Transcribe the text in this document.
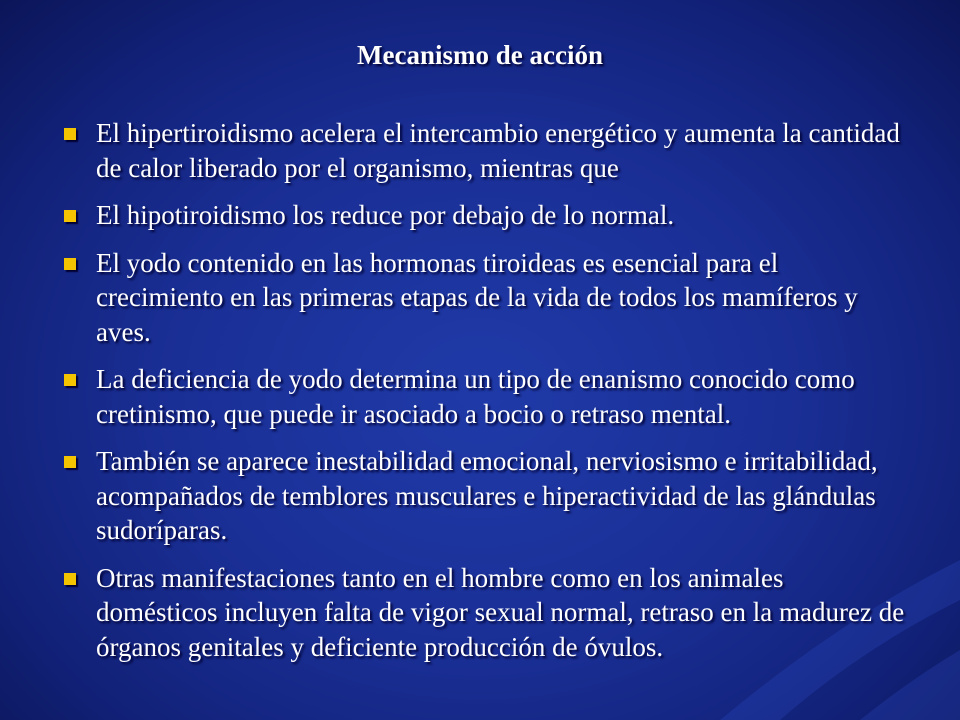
Mecanismo de acción
El hipertiroidismo acelera el intercambio energético y aumenta la cantidad de calor liberado por el organismo, mientras que
El hipotiroidismo los reduce por debajo de lo normal.
El yodo contenido en las hormonas tiroideas es esencial para el crecimiento en las primeras etapas de la vida de todos los mamíferos y aves.
La deficiencia de yodo determina un tipo de enanismo conocido como cretinismo, que puede ir asociado a bocio o retraso mental.
También se aparece inestabilidad emocional, nerviosismo e irritabilidad, acompañados de temblores musculares e hiperactividad de las glándulas sudoríparas.
Otras manifestaciones tanto en el hombre como en los animales domésticos incluyen falta de vigor sexual normal, retraso en la madurez de órganos genitales y deficiente producción de óvulos.
